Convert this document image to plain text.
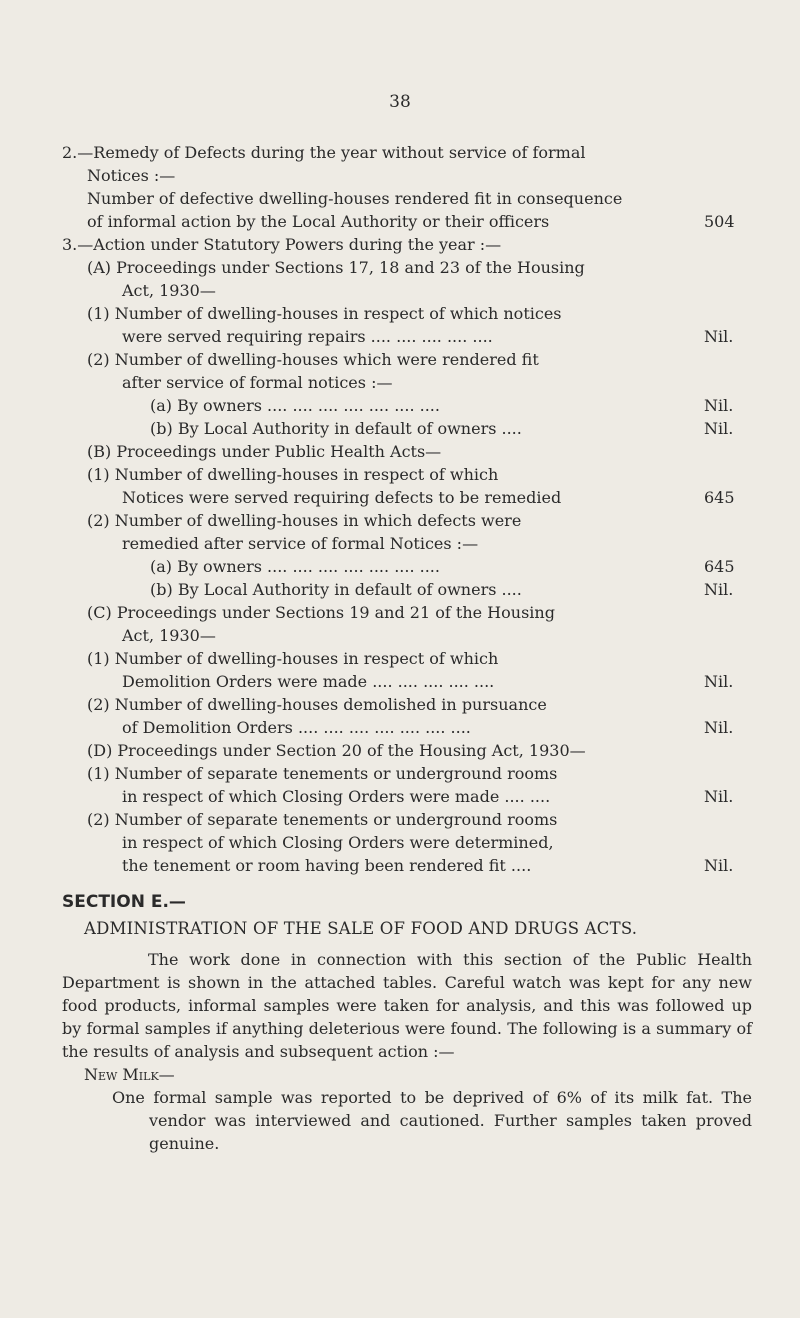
38
2.—Remedy of Defects during the year without service of formal
Notices :—
Number of defective dwelling-houses rendered fit in consequence
of informal action by the Local Authority or their officers	504
3.—Action under Statutory Powers during the year :—
(A) Proceedings under Sections 17, 18 and 23 of the Housing
Act, 1930—
(1) Number of dwelling-houses in respect of which notices
were served requiring repairs .... .... .... .... ....	Nil.
(2) Number of dwelling-houses which were rendered fit
after service of formal notices :—
(a) By owners .... .... .... .... .... .... ....	Nil.
(b) By Local Authority in default of owners ....	Nil.
(B) Proceedings under Public Health Acts—
(1) Number of dwelling-houses in respect of which
Notices were served requiring defects to be remedied	645
(2) Number of dwelling-houses in which defects were
remedied after service of formal Notices :—
(a) By owners .... .... .... .... .... .... ....	645
(b) By Local Authority in default of owners ....	Nil.
(C) Proceedings under Sections 19 and 21 of the Housing
Act, 1930—
(1) Number of dwelling-houses in respect of which
Demolition Orders were made .... .... .... .... ....	Nil.
(2) Number of dwelling-houses demolished in pursuance
of Demolition Orders .... .... .... .... .... .... ....	Nil.
(D) Proceedings under Section 20 of the Housing Act, 1930—
(1) Number of separate tenements or underground rooms
in respect of which Closing Orders were made .... ....	Nil.
(2) Number of separate tenements or underground rooms
in respect of which Closing Orders were determined,
the tenement or room having been rendered fit ....	Nil.
SECTION E.—
ADMINISTRATION OF THE SALE OF FOOD AND DRUGS ACTS.
The work done in connection with this section of the Public Health Department is shown in the attached tables. Careful watch was kept for any new food products, informal samples were taken for analysis, and this was followed up by formal samples if anything deleterious were found. The following is a summary of the results of analysis and subsequent action :—
New Milk—
One formal sample was reported to be deprived of 6% of its milk fat. The vendor was interviewed and cautioned. Further samples taken proved genuine.
